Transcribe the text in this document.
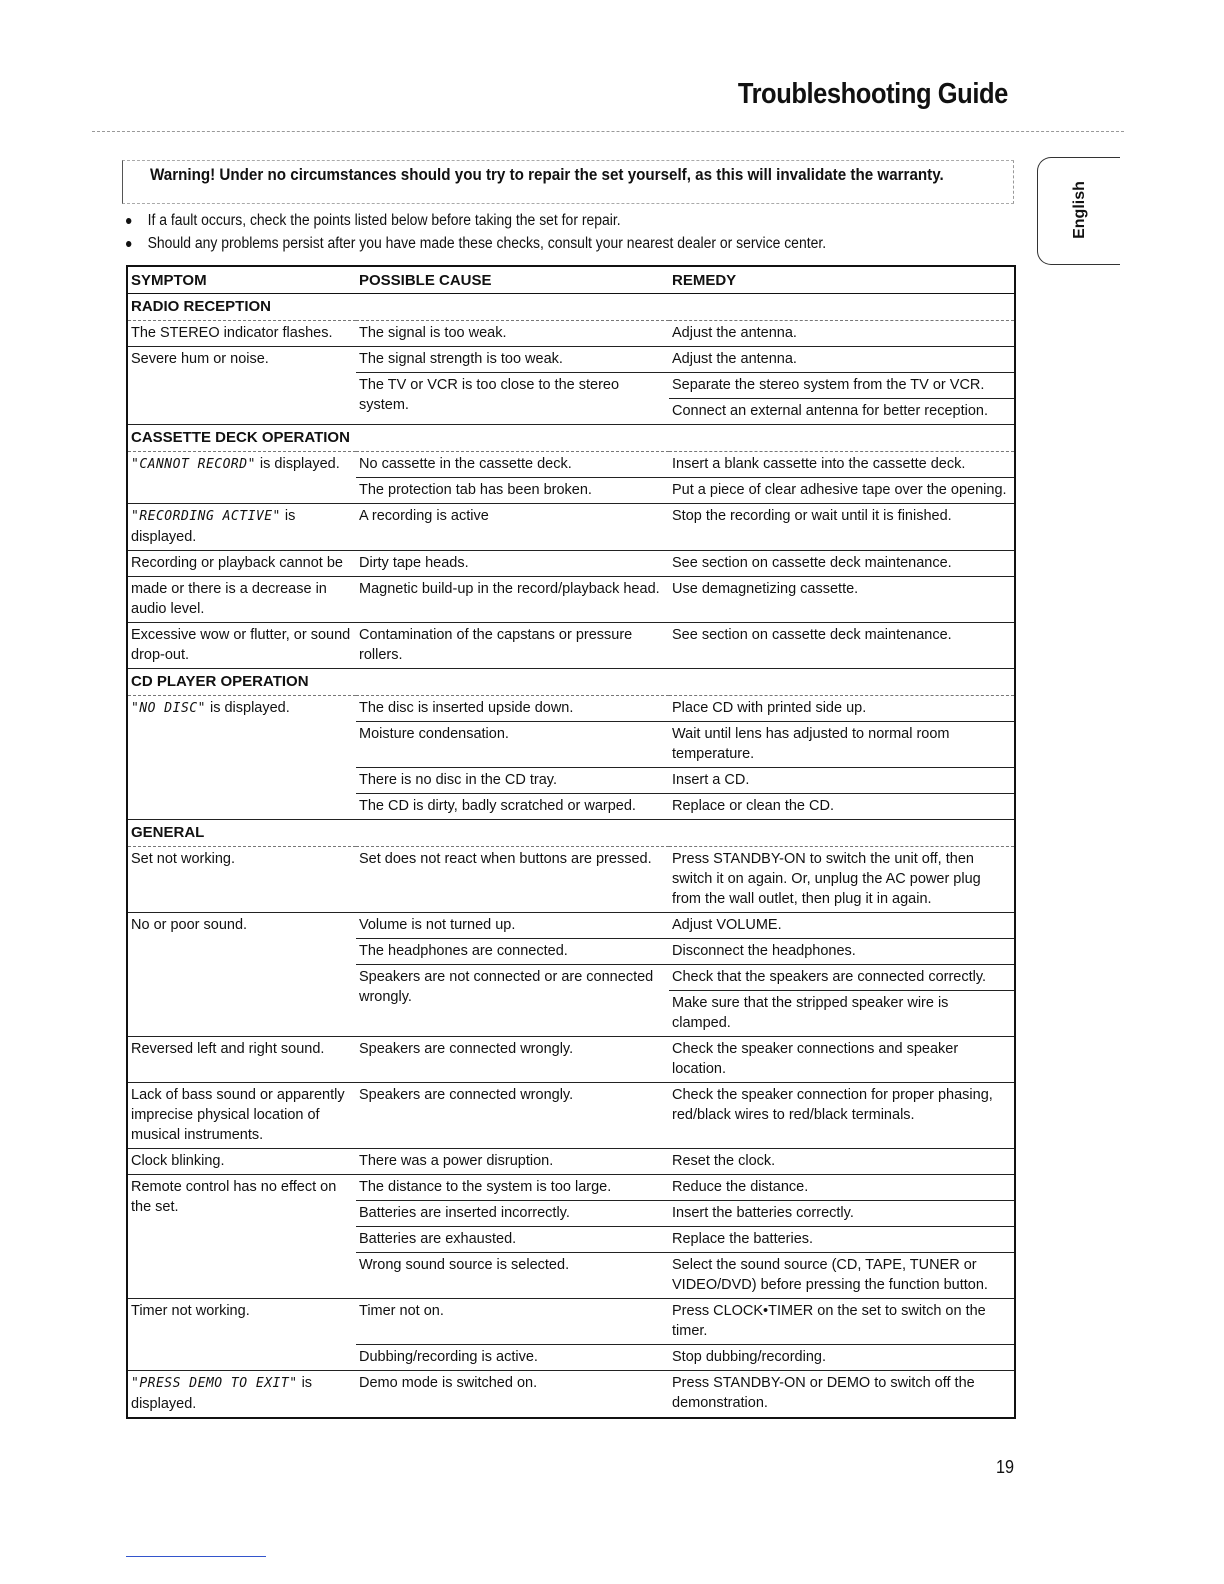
Troubleshooting Guide
Warning! Under no circumstances should you try to repair the set yourself, as this will invalidate the warranty.
English
If a fault occurs, check the points listed below before taking the set for repair.
Should any problems persist after you have made these checks, consult your nearest dealer or service center.
SYMPTOM	POSSIBLE CAUSE	REMEDY
RADIO RECEPTION		
The STEREO indicator flashes.	The signal is too weak.	Adjust the antenna.
Severe hum or noise.	The signal strength is too weak.	Adjust the antenna.
	The TV or VCR is too close to the stereo system.	Separate the stereo system from the TV or VCR.
		Connect an external antenna for better reception.
CASSETTE DECK OPERATION		
"CANNOT RECORD" is displayed.	No cassette in the cassette deck.	Insert a blank cassette into the cassette deck.
	The protection tab has been broken.	Put a piece of clear adhesive tape over the opening.
"RECORDING ACTIVE" is displayed.	A recording is active	Stop the recording or wait until it is finished.
Recording or playback cannot be	Dirty tape heads.	See section on cassette deck maintenance.
made or there is a decrease in audio level.	Magnetic build-up in the record/playback head.	Use demagnetizing cassette.
Excessive wow or flutter, or sound drop-out.	Contamination of the capstans or pressure rollers.	See section on cassette deck maintenance.
CD PLAYER OPERATION		
"NO DISC" is displayed.	The disc is inserted upside down.	Place CD with printed side up.
	Moisture condensation.	Wait until lens has adjusted to normal room temperature.
	There is no disc in the CD tray.	Insert a CD.
	The CD is dirty, badly scratched or warped.	Replace or clean the CD.
GENERAL		
Set not working.	Set does not react when buttons are pressed.	Press STANDBY-ON to switch the unit off, then switch it on again. Or, unplug the AC power plug from the wall outlet, then plug it in again.
No or poor sound.	Volume is not turned up.	Adjust VOLUME.
	The headphones are connected.	Disconnect the headphones.
	Speakers are not connected or are connected wrongly.	Check that the speakers are connected correctly.
		Make sure that the stripped speaker wire is clamped.
Reversed left and right sound.	Speakers are connected wrongly.	Check the speaker connections and speaker location.
Lack of bass sound or apparently imprecise physical location of musical instruments.	Speakers are connected wrongly.	Check the speaker connection for proper phasing, red/black wires to red/black terminals.
Clock blinking.	There was a power disruption.	Reset the clock.
Remote control has no effect on the set.	The distance to the system is too large.	Reduce the distance.
	Batteries are inserted incorrectly.	Insert the batteries correctly.
	Batteries are exhausted.	Replace the batteries.
	Wrong sound source is selected.	Select the sound source (CD, TAPE, TUNER or VIDEO/DVD) before pressing the function button.
Timer not working.	Timer not on.	Press CLOCK•TIMER on the set to switch on the timer.
	Dubbing/recording is active.	Stop dubbing/recording.
"PRESS DEMO TO EXIT" is displayed.	Demo mode is switched on.	Press STANDBY-ON or DEMO to switch off the demonstration.
19
